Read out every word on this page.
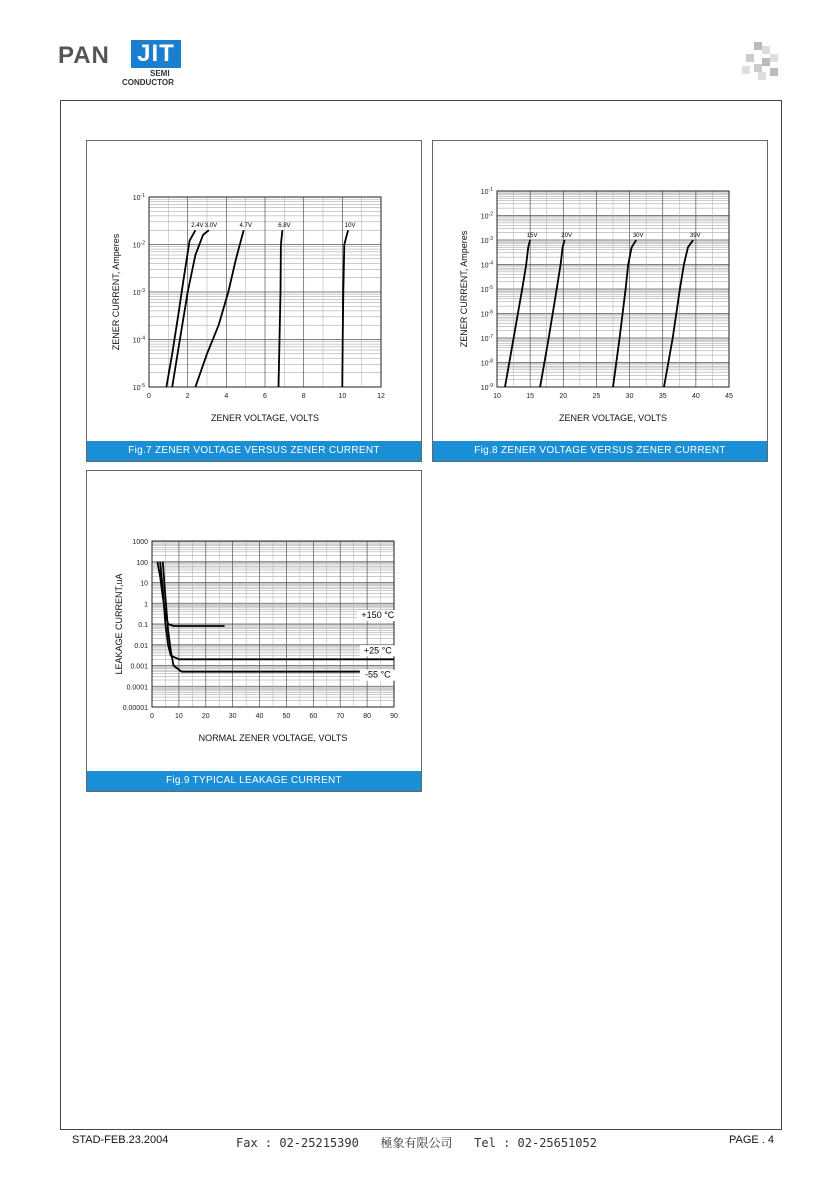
PAN JIT
SEMI
CONDUCTOR
0	2	4	6	8	10	12
$10^{-1}$
$10^{-2}$
$10^{-3}$
$10^{-4}$
$10^{-5}$
ZENER VOLTAGE, VOLTS
ZENER CURRENT, Amperes
2.4V 3.0V	4.7V	6.8V	10V
Fig.7 ZENER VOLTAGE VERSUS ZENER CURRENT
10	15	20	25	30	35	40	45
$10^{-1}$
$10^{-2}$
$10^{-3}$
$10^{-4}$
$10^{-5}$
$10^{-6}$
$10^{-7}$
$10^{-8}$
$10^{-9}$
ZENER VOLTAGE, VOLTS
ZENER CURRENT, Amperes	15V	20V	30V	39V
Fig.8 ZENER VOLTAGE VERSUS ZENER CURRENT
0	10	20	30	40	50	60	70	80	90
1000
100
10
1
0.1
0.01
0.001
0.0001
0.00001
NORMAL ZENER VOLTAGE, VOLTS
LEAKAGE CURRENT,uA	+150 °C
+25 °C
-55 °C
Fig.9 TYPICAL LEAKAGE CURRENT
STAD-FEB.23.2004	Fax : 02-25215390   極象有限公司   Tel : 02-25651052	PAGE . 4
